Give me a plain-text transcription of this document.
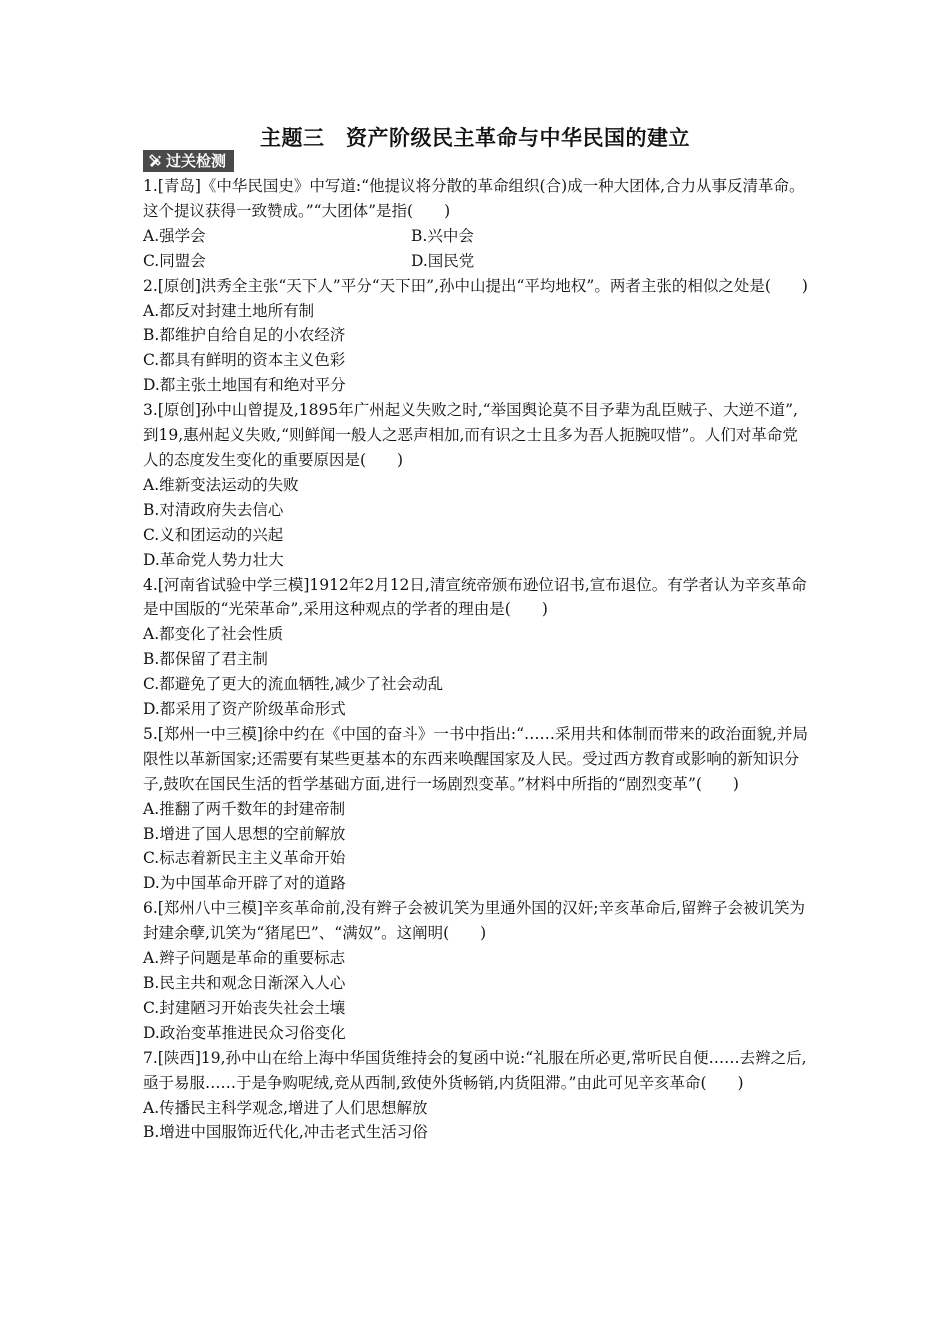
主题三　资产阶级民主革命与中华民国的建立
过关检测

1.[青岛]《中华民国史》中写道:“他提议将分散的革命组织(合)成一种大团体,合力从事反清革命。这个提议获得一致赞成。”“大团体”是指(　　)

A.强学会	B.兴中会

C.同盟会	D.国民党

2.[原创]洪秀全主张“天下人”平分“天下田”,孙中山提出“平均地权”。两者主张的相似之处是(　　)

A.都反对封建土地所有制

B.都维护自给自足的小农经济

C.都具有鲜明的资本主义色彩

D.都主张土地国有和绝对平分

3.[原创]孙中山曾提及,1895年广州起义失败之时,“举国舆论莫不目予辈为乱臣贼子、大逆不道”,到19,惠州起义失败,“则鲜闻一般人之恶声相加,而有识之士且多为吾人扼腕叹惜”。人们对革命党人的态度发生变化的重要原因是(　　)

A.维新变法运动的失败

B.对清政府失去信心

C.义和团运动的兴起

D.革命党人势力壮大

4.[河南省试验中学三模]1912年2月12日,清宣统帝颁布逊位诏书,宣布退位。有学者认为辛亥革命是中国版的“光荣革命”,采用这种观点的学者的理由是(　　)

A.都变化了社会性质

B.都保留了君主制

C.都避免了更大的流血牺牲,减少了社会动乱

D.都采用了资产阶级革命形式

5.[郑州一中三模]徐中约在《中国的奋斗》一书中指出:“……采用共和体制而带来的政治面貌,并局限性以革新国家;还需要有某些更基本的东西来唤醒国家及人民。受过西方教育或影响的新知识分子,鼓吹在国民生活的哲学基础方面,进行一场剧烈变革。”材料中所指的“剧烈变革”(　　)

A.推翻了两千数年的封建帝制

B.增进了国人思想的空前解放

C.标志着新民主主义革命开始

D.为中国革命开辟了对的道路

6.[郑州八中三模]辛亥革命前,没有辫子会被讥笑为里通外国的汉奸;辛亥革命后,留辫子会被讥笑为封建余孽,讥笑为“猪尾巴”、“满奴”。这阐明(　　)

A.辫子问题是革命的重要标志

B.民主共和观念日渐深入人心

C.封建陋习开始丧失社会土壤

D.政治变革推进民众习俗变化

7.[陕西]19,孙中山在给上海中华国货维持会的复函中说:“礼服在所必更,常听民自便……去辫之后,亟于易服……于是争购呢绒,竞从西制,致使外货畅销,内货阻滞。”由此可见辛亥革命(　　)

A.传播民主科学观念,增进了人们思想解放

B.增进中国服饰近代化,冲击老式生活习俗
